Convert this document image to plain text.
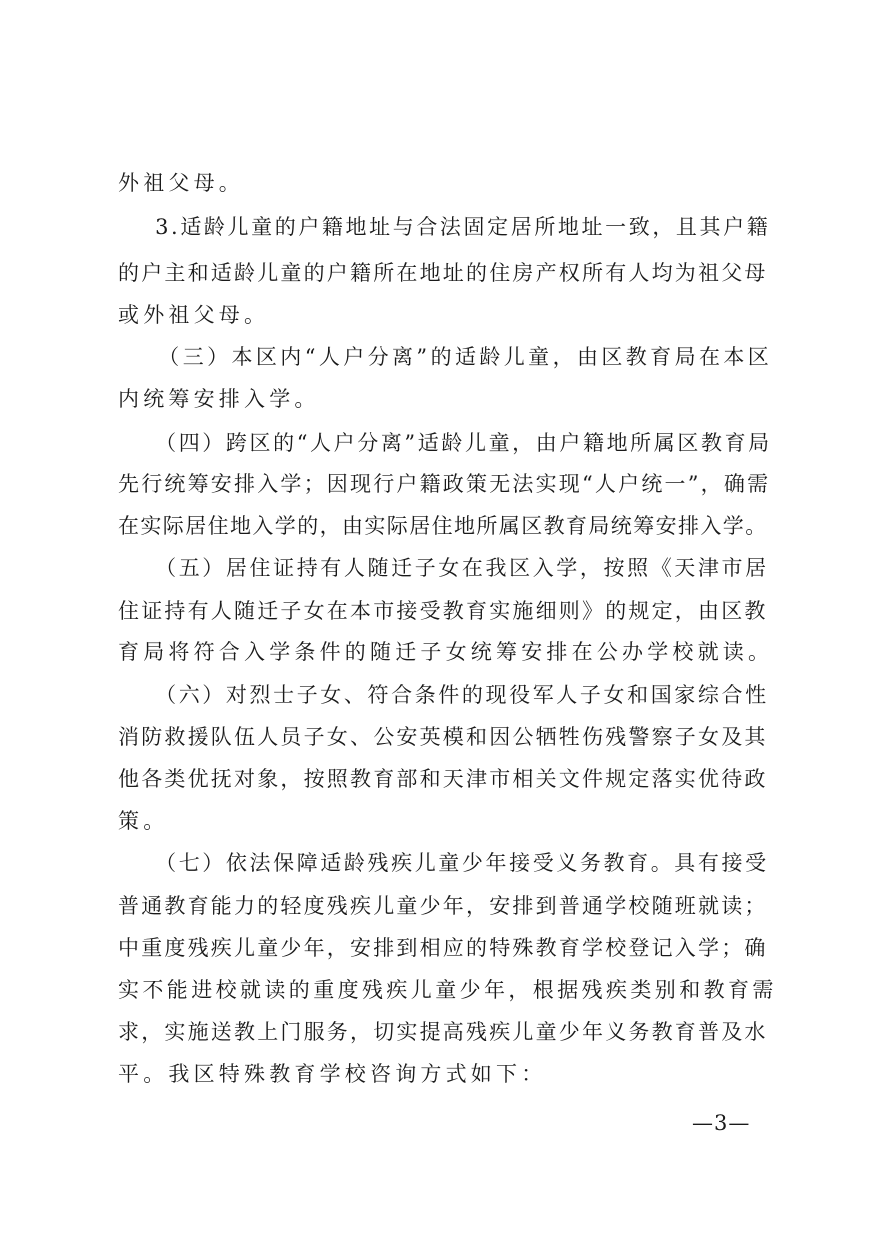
外祖父母。
3.适龄儿童的户籍地址与合法固定居所地址一致，且其户籍
的户主和适龄儿童的户籍所在地址的住房产权所有人均为祖父母
或外祖父母。
（三）本区内“人户分离”的适龄儿童，由区教育局在本区
内统筹安排入学。
（四）跨区的“人户分离”适龄儿童，由户籍地所属区教育局
先行统筹安排入学；因现行户籍政策无法实现“人户统一”，确需
在实际居住地入学的，由实际居住地所属区教育局统筹安排入学。
（五）居住证持有人随迁子女在我区入学，按照《天津市居
住证持有人随迁子女在本市接受教育实施细则》的规定，由区教
育局将符合入学条件的随迁子女统筹安排在公办学校就读。
（六）对烈士子女、符合条件的现役军人子女和国家综合性
消防救援队伍人员子女、公安英模和因公牺牲伤残警察子女及其
他各类优抚对象，按照教育部和天津市相关文件规定落实优待政
策。
（七）依法保障适龄残疾儿童少年接受义务教育。具有接受
普通教育能力的轻度残疾儿童少年，安排到普通学校随班就读；
中重度残疾儿童少年，安排到相应的特殊教育学校登记入学；确
实不能进校就读的重度残疾儿童少年，根据残疾类别和教育需
求，实施送教上门服务，切实提高残疾儿童少年义务教育普及水
平。我区特殊教育学校咨询方式如下：
—3—
